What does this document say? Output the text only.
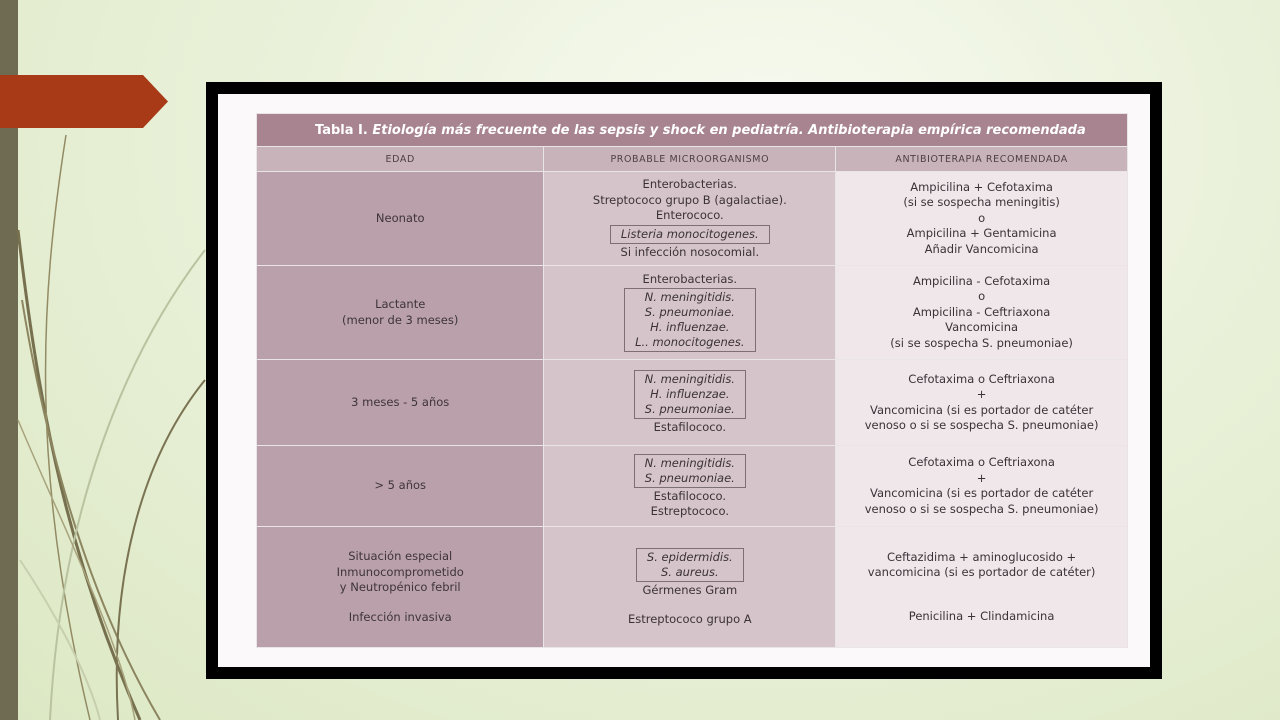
Tabla I. Etiología más frecuente de las sepsis y shock en pediatría. Antibioterapia empírica recomendada		
EDAD	PROBABLE MICROORGANISMO	ANTIBIOTERAPIA RECOMENDADA

Neonato	Enterobacterias.
Streptococo grupo B (agalactiae).
Enterococo.
Listeria monocitogenes.
Si infección nosocomial.	Ampicilina + Cefotaxima
(si se sospecha meningitis)
o
Ampicilina + Gentamicina
Añadir Vancomicina

Lactante
(menor de 3 meses)	Enterobacterias.
N. meningitidis.
S. pneumoniae.
H. influenzae.
L.. monocitogenes.	Ampicilina - Cefotaxima
o
Ampicilina - Ceftriaxona
Vancomicina
(si se sospecha S. pneumoniae)

3 meses - 5 años	N. meningitidis.
H. influenzae.
S. pneumoniae.
Estafilococo.	Cefotaxima o Ceftriaxona
+
Vancomicina (si es portador de catéter
venoso o si se sospecha S. pneumoniae)

> 5 años	N. meningitidis.
S. pneumoniae.
Estafilococo.
Estreptococo.	Cefotaxima o Ceftriaxona
+
Vancomicina (si es portador de catéter
venoso o si se sospecha S. pneumoniae)

Situación especial
Inmunocomprometido
y Neutropénico febril
Infección invasiva	S. epidermidis.
S. aureus.
Gérmenes Gram
Estreptococo grupo A	Ceftazidima + aminoglucosido +
vancomicina (si es portador de catéter)
Penicilina + Clindamicina
